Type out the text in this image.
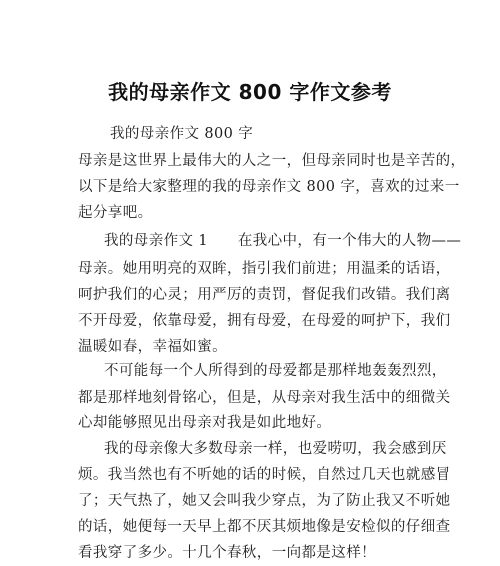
我的母亲作文 800 字作文参考
我的母亲作文 800 字
母亲是这世界上最伟大的人之一，但母亲同时也是辛苦的，
以下是给大家整理的我的母亲作文 800 字，喜欢的过来一
起分享吧。
我的母亲作文 1　　在我心中，有一个伟大的人物——
母亲。她用明亮的双眸，指引我们前进；用温柔的话语，
呵护我们的心灵；用严厉的责罚，督促我们改错。我们离
不开母爱，依靠母爱，拥有母爱，在母爱的呵护下，我们
温暖如春，幸福如蜜。
不可能每一个人所得到的母爱都是那样地轰轰烈烈，
都是那样地刻骨铭心，但是，从母亲对我生活中的细微关
心却能够照见出母亲对我是如此地好。
我的母亲像大多数母亲一样，也爱唠叨，我会感到厌
烦。我当然也有不听她的话的时候，自然过几天也就感冒
了；天气热了，她又会叫我少穿点，为了防止我又不听她
的话，她便每一天早上都不厌其烦地像是安检似的仔细查
看我穿了多少。十几个春秋，一向都是这样！
